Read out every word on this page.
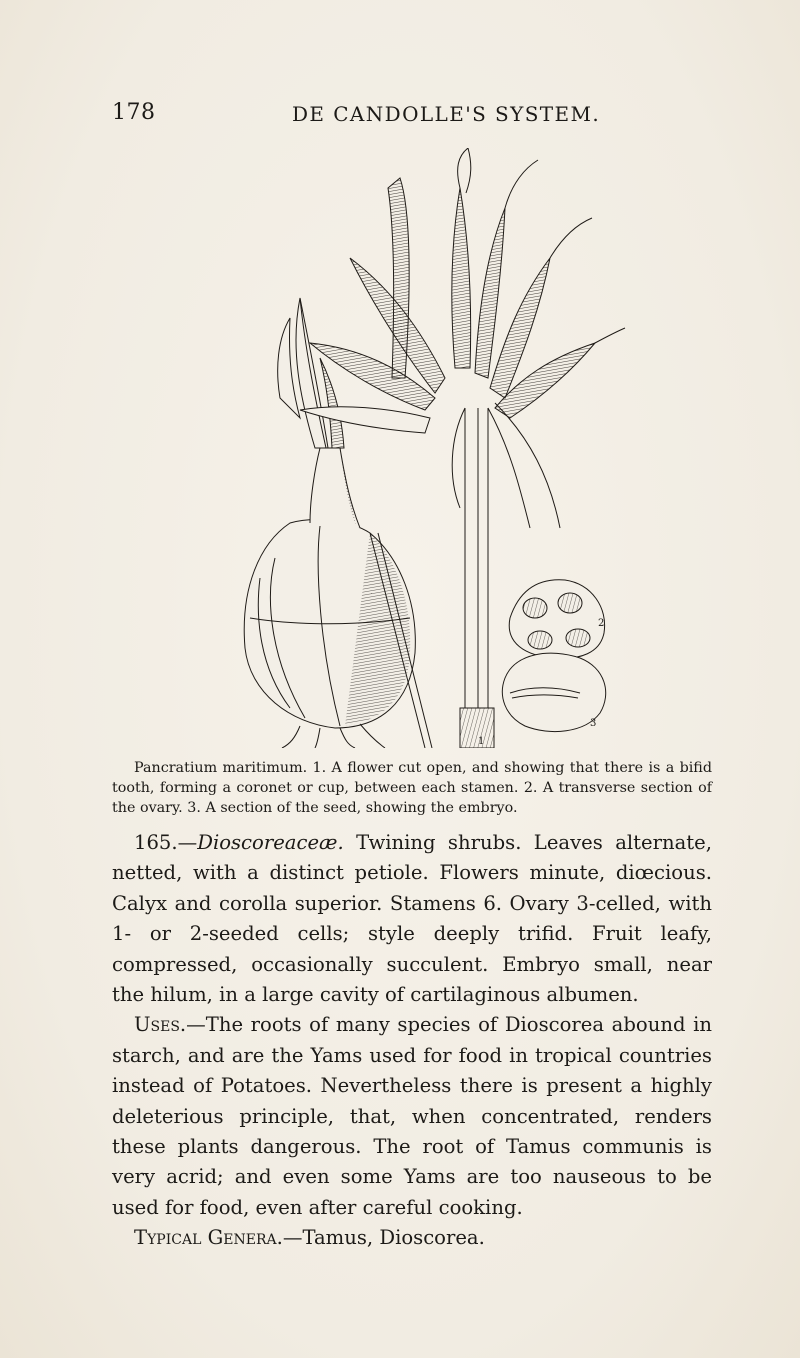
178	DE CANDOLLE'S SYSTEM.
2
3
1
Pancratium maritimum. 1. A flower cut open, and showing that there is a bifid tooth, forming a coronet or cup, between each stamen. 2. A transverse section of the ovary. 3. A section of the seed, showing the embryo.

165.—Dioscoreaceæ. Twining shrubs. Leaves alternate, netted, with a distinct petiole. Flowers minute, diœcious. Calyx and corolla superior. Stamens 6. Ovary 3-celled, with 1- or 2-seeded cells; style deeply trifid. Fruit leafy, compressed, occasionally succulent. Embryo small, near the hilum, in a large cavity of cartilaginous albumen.

Uses.—The roots of many species of Dioscorea abound in starch, and are the Yams used for food in tropical countries instead of Potatoes. Nevertheless there is present a highly deleterious principle, that, when concentrated, renders these plants dangerous. The root of Tamus communis is very acrid; and even some Yams are too nauseous to be used for food, even after careful cooking.

Typical Genera.—Tamus, Dioscorea.
